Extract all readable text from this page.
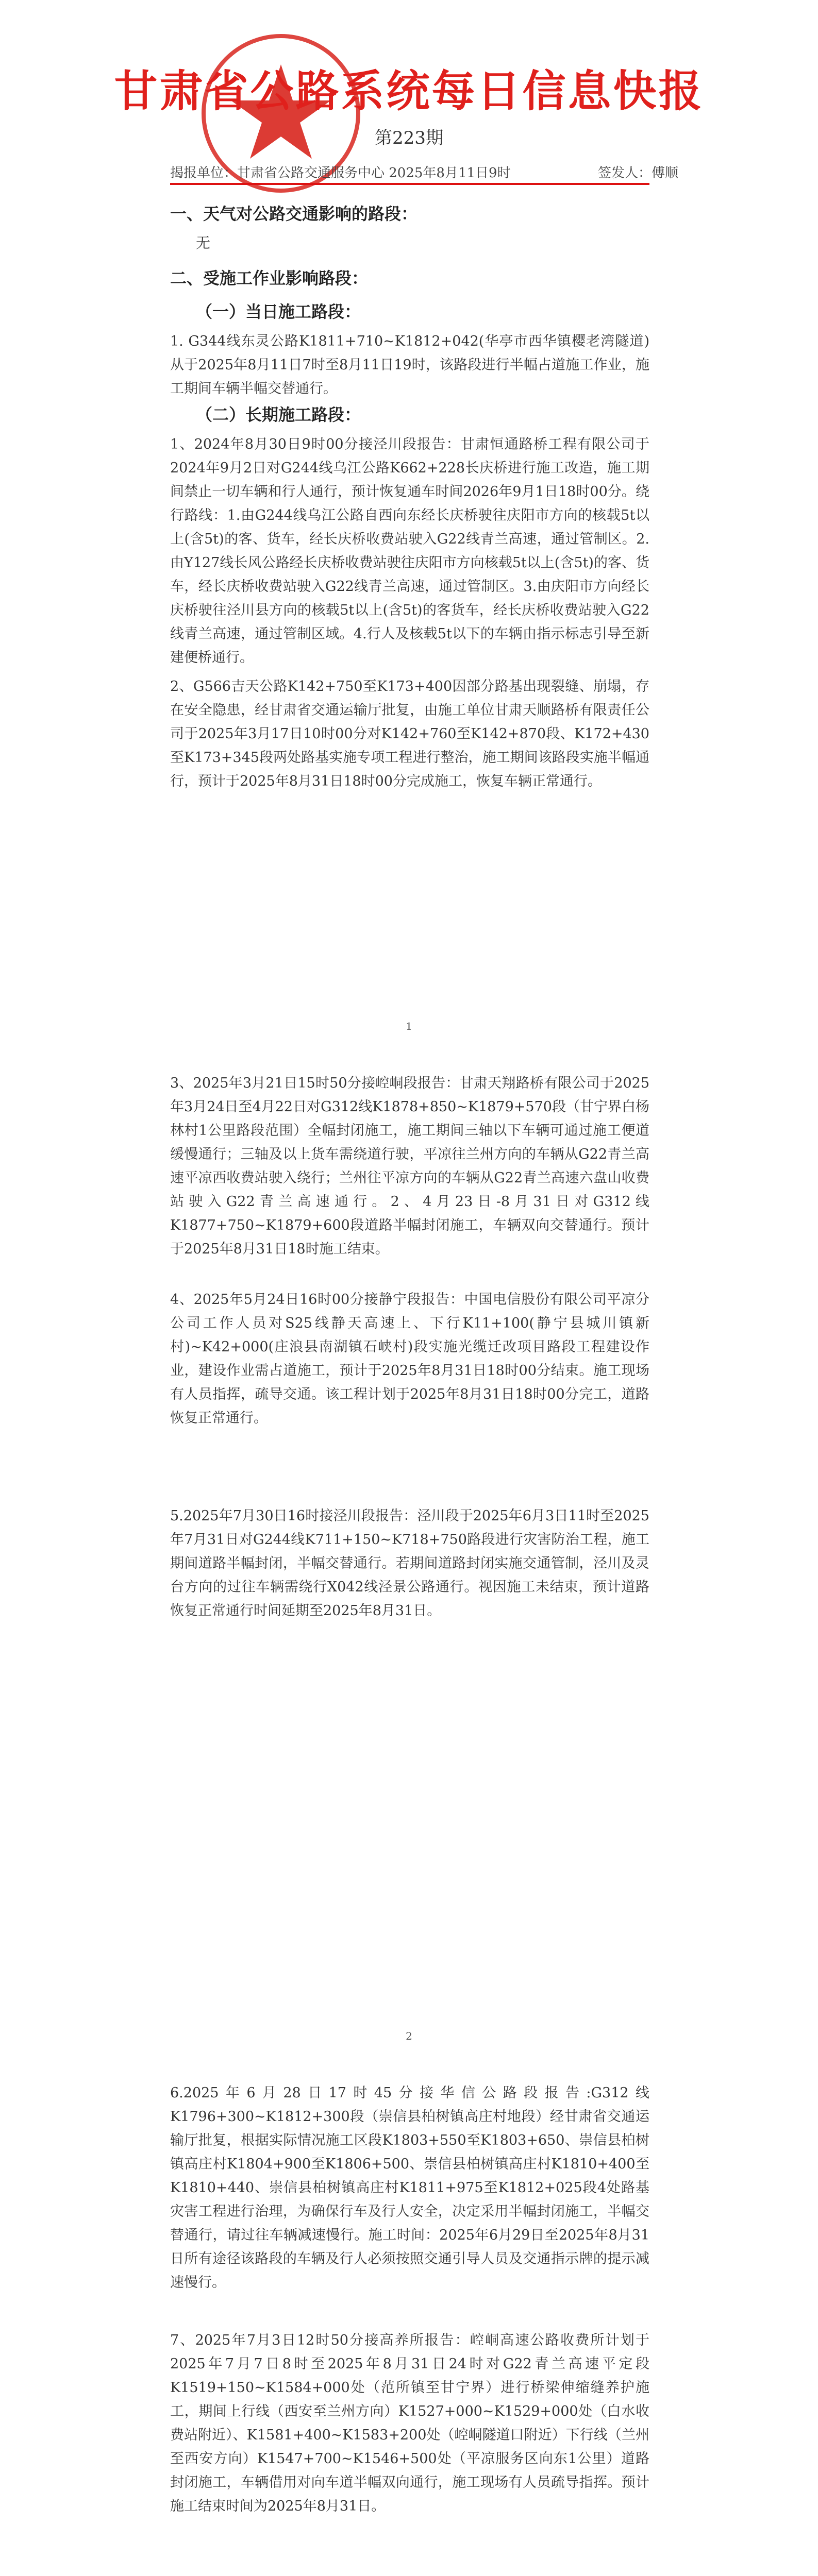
甘肃省公路系统每日信息快报
第223期
揭报单位：甘肃省公路交通服务中心 2025年8月11日9时	签发人：傅顺
一、天气对公路交通影响的路段：
无
二、受施工作业影响路段：
（一）当日施工路段：

1. G344线东灵公路K1811+710~K1812+042(华亭市西华镇樱老湾隧道)从于2025年8月11日7时至8月11日19时，该路段进行半幅占道施工作业，施工期间车辆半幅交替通行。

（二）长期施工路段：

1、2024年8月30日9时00分接泾川段报告：甘肃恒通路桥工程有限公司于2024年9月2日对G244线乌江公路K662+228长庆桥进行施工改造，施工期间禁止一切车辆和行人通行，预计恢复通车时间2026年9月1日18时00分。绕行路线：1.由G244线乌江公路自西向东经长庆桥驶往庆阳市方向的核载5t以上(含5t)的客、货车，经长庆桥收费站驶入G22线青兰高速，通过管制区。2.由Y127线长风公路经长庆桥收费站驶往庆阳市方向核载5t以上(含5t)的客、货车，经长庆桥收费站驶入G22线青兰高速，通过管制区。3.由庆阳市方向经长庆桥驶往泾川县方向的核载5t以上(含5t)的客货车，经长庆桥收费站驶入G22线青兰高速，通过管制区域。4.行人及核载5t以下的车辆由指示标志引导至新建便桥通行。

2、G566吉天公路K142+750至K173+400因部分路基出现裂缝、崩塌，存在安全隐患，经甘肃省交通运输厅批复，由施工单位甘肃天顺路桥有限责任公司于2025年3月17日10时00分对K142+760至K142+870段、K172+430至K173+345段两处路基实施专项工程进行整治，施工期间该路段实施半幅通行，预计于2025年8月31日18时00分完成施工，恢复车辆正常通行。

1

3、2025年3月21日15时50分接崆峒段报告：甘肃天翔路桥有限公司于2025年3月24日至4月22日对G312线K1878+850~K1879+570段（甘宁界白杨林村1公里路段范围）全幅封闭施工，施工期间三轴以下车辆可通过施工便道缓慢通行；三轴及以上货车需绕道行驶，平凉往兰州方向的车辆从G22青兰高速平凉西收费站驶入绕行；兰州往平凉方向的车辆从G22青兰高速六盘山收费站驶入G22青兰高速通行。2、4月23日-8月31日对G312线K1877+750~K1879+600段道路半幅封闭施工，车辆双向交替通行。预计于2025年8月31日18时施工结束。

4、2025年5月24日16时00分接静宁段报告：中国电信股份有限公司平凉分公司工作人员对S25线静天高速上、下行K11+100(静宁县城川镇新村)~K42+000(庄浪县南湖镇石峡村)段实施光缆迁改项目路段工程建设作业，建设作业需占道施工，预计于2025年8月31日18时00分结束。施工现场有人员指挥，疏导交通。该工程计划于2025年8月31日18时00分完工，道路恢复正常通行。

5.2025年7月30日16时接泾川段报告：泾川段于2025年6月3日11时至2025年7月31日对G244线K711+150~K718+750路段进行灾害防治工程，施工期间道路半幅封闭，半幅交替通行。若期间道路封闭实施交通管制，泾川及灵台方向的过往车辆需绕行X042线泾景公路通行。视因施工未结束，预计道路恢复正常通行时间延期至2025年8月31日。

2

6.2025年6月28日17时45分接华信公路段报告:G312线K1796+300~K1812+300段（崇信县柏树镇高庄村地段）经甘肃省交通运输厅批复，根据实际情况施工区段K1803+550至K1803+650、崇信县柏树镇高庄村K1804+900至K1806+500、崇信县柏树镇高庄村K1810+400至K1810+440、崇信县柏树镇高庄村K1811+975至K1812+025段4处路基灾害工程进行治理，为确保行车及行人安全，决定采用半幅封闭施工，半幅交替通行，请过往车辆减速慢行。施工时间：2025年6月29日至2025年8月31日所有途径该路段的车辆及行人必须按照交通引导人员及交通指示牌的提示减速慢行。

7、2025年7月3日12时50分接高养所报告：崆峒高速公路收费所计划于2025年7月7日8时至2025年8月31日24时对G22青兰高速平定段K1519+150~K1584+000处（范所镇至甘宁界）进行桥梁伸缩缝养护施工，期间上行线（西安至兰州方向）K1527+000~K1529+000处（白水收费站附近）、K1581+400~K1583+200处（崆峒隧道口附近）下行线（兰州至西安方向）K1547+700~K1546+500处（平凉服务区向东1公里）道路封闭施工，车辆借用对向车道半幅双向通行，施工现场有人员疏导指挥。预计施工结束时间为2025年8月31日。
